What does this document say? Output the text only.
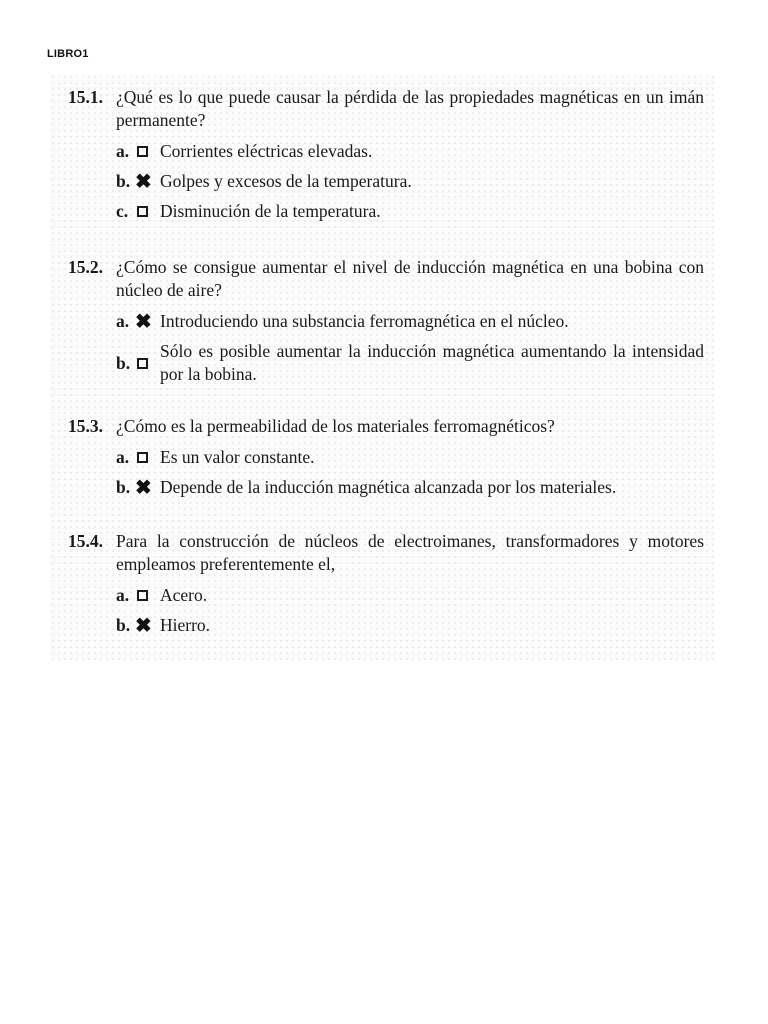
LIBRO1
15.1. ¿Qué es lo que puede causar la pérdida de las propiedades magnéticas en un imán permanente?
a.	Corrientes eléctricas elevadas.
b. ✖ Golpes y excesos de la temperatura.
c.	Disminución de la temperatura.
15.2. ¿Cómo se consigue aumentar el nivel de inducción magnética en una bobina con núcleo de aire?
a. ✖ Introduciendo una substancia ferromagnética en el núcleo.
b.
Sólo es posible aumentar la inducción magnética aumentando la intensidad por la bobina.
15.3. ¿Cómo es la permeabilidad de los materiales ferromagnéticos?
a.	Es un valor constante.
b. ✖ Depende de la inducción magnética alcanzada por los materiales.
15.4. Para la construcción de núcleos de electroimanes, transformadores y motores empleamos preferentemente el,
a.	Acero.
b. ✖ Hierro.
